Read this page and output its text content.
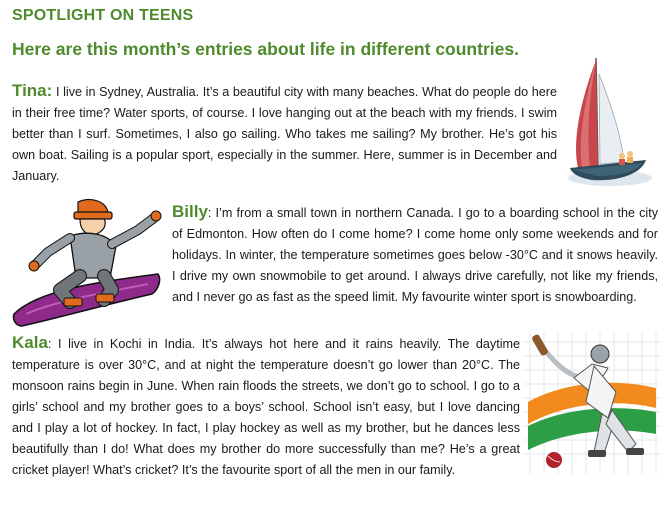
SPOTLIGHT ON TEENS
Here are this month’s entries about life in different countries.
Tina: I live in Sydney, Australia. It’s a beautiful city with many beaches. What do people do here in their free time? Water sports, of course. I love hanging out at the beach with my friends. I swim better than I surf. Sometimes, I also go sailing. Who takes me sailing? My brother. He’s got his own boat. Sailing is a popular sport, especially in the summer. Here, summer is in December and January.
Billy: I’m from a small town in northern Canada. I go to a boarding school in the city of Edmonton. How often do I come home? I come home only some weekends and for holidays. In winter, the temperature sometimes goes below -30°C and it snows heavily. I drive my own snowmobile to get around. I always drive carefully, not like my friends, and I never go as fast as the speed limit. My favourite winter sport is snowboarding.
Kala: I live in Kochi in India. It’s always hot here and it rains heavily. The daytime temperature is over 30°C, and at night the temperature doesn’t go lower than 20°C. The monsoon rains begin in June. When rain floods the streets, we don’t go to school. I go to a girls’ school and my brother goes to a boys’ school. School isn’t easy, but I love dancing and I play a lot of hockey. In fact, I play hockey as well as my brother, but he dances less beautifully than I do! What does my brother do more successfully than me? He’s a great cricket player! What’s cricket? It’s the favourite sport of all the men in our family.
